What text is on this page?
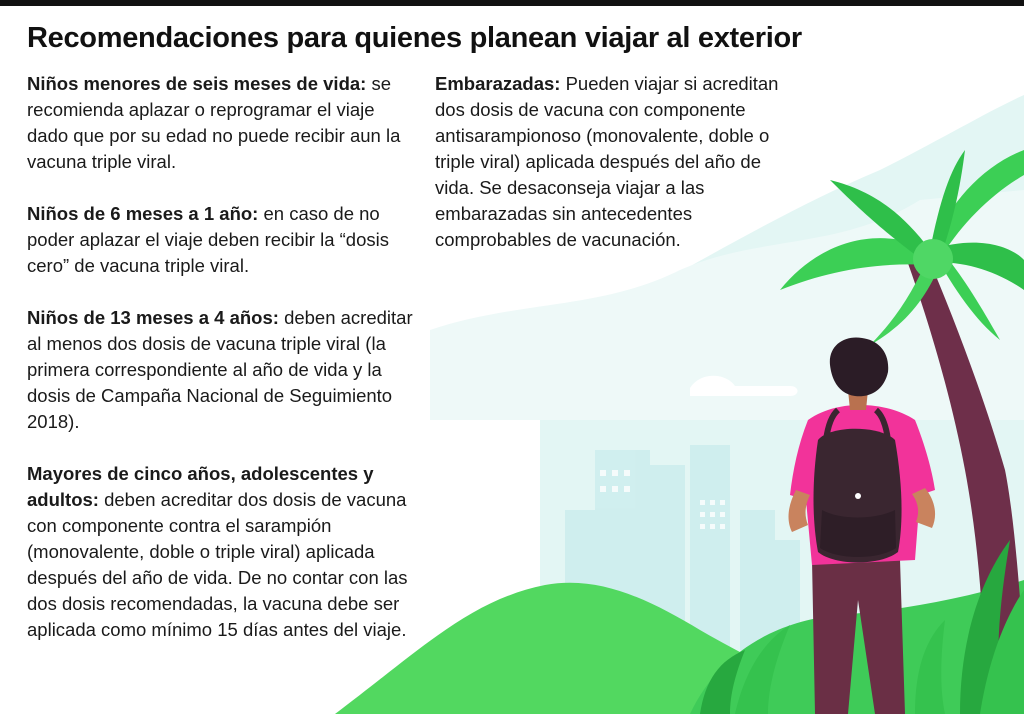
Recomendaciones para quienes planean viajar al exterior

Niños menores de seis meses de vida: se recomienda aplazar o reprogramar el viaje dado que por su edad no puede recibir aun la vacuna triple viral.

Niños de 6 meses a 1 año: en caso de no poder aplazar el viaje deben recibir la “dosis cero” de vacuna triple viral.

Niños de 13 meses a 4 años: deben acreditar al menos dos dosis de vacuna triple viral (la primera correspondiente al año de vida y la dosis de Campaña Nacional de Seguimiento 2018).

Mayores de cinco años, adolescentes y adultos: deben acreditar dos dosis de vacuna con componente contra el sarampión (monovalente, doble o triple viral) aplicada después del año de vida. De no contar con las dos dosis recomendadas, la vacuna debe ser aplicada como mínimo 15 días antes del viaje.

Embarazadas: Pueden viajar si acreditan dos dosis de vacuna con componente antisarampionoso (monovalente, doble o triple viral) aplicada después del año de vida. Se desaconseja viajar a las embarazadas sin antecedentes comprobables de vacunación.
